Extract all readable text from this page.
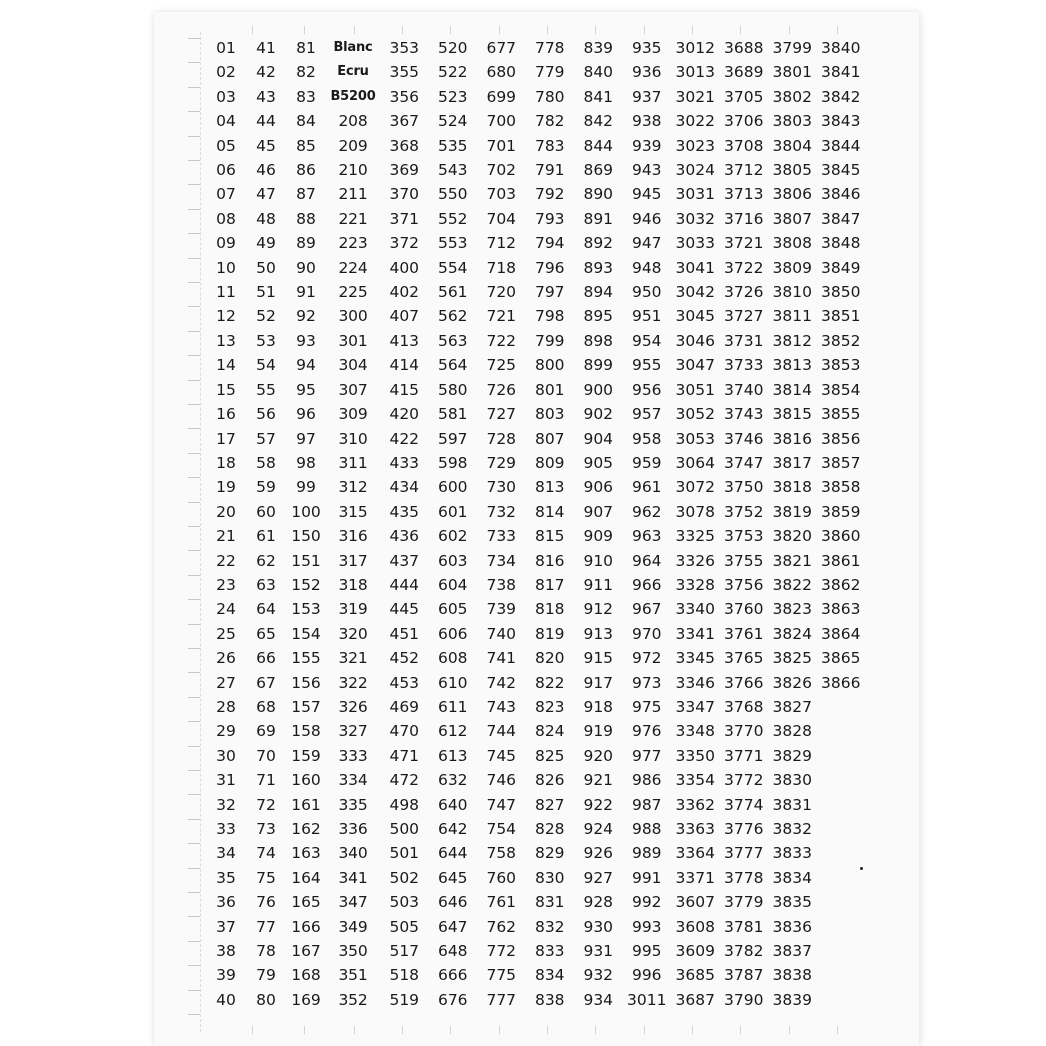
01	41	81	Blanc	353	520	677	778	839	935	3012	3688	3799	3840
02	42	82	Ecru	355	522	680	779	840	936	3013	3689	3801	3841
03	43	83	B5200	356	523	699	780	841	937	3021	3705	3802	3842
04	44	84	208	367	524	700	782	842	938	3022	3706	3803	3843
05	45	85	209	368	535	701	783	844	939	3023	3708	3804	3844
06	46	86	210	369	543	702	791	869	943	3024	3712	3805	3845
07	47	87	211	370	550	703	792	890	945	3031	3713	3806	3846
08	48	88	221	371	552	704	793	891	946	3032	3716	3807	3847
09	49	89	223	372	553	712	794	892	947	3033	3721	3808	3848
10	50	90	224	400	554	718	796	893	948	3041	3722	3809	3849
11	51	91	225	402	561	720	797	894	950	3042	3726	3810	3850
12	52	92	300	407	562	721	798	895	951	3045	3727	3811	3851
13	53	93	301	413	563	722	799	898	954	3046	3731	3812	3852
14	54	94	304	414	564	725	800	899	955	3047	3733	3813	3853
15	55	95	307	415	580	726	801	900	956	3051	3740	3814	3854
16	56	96	309	420	581	727	803	902	957	3052	3743	3815	3855
17	57	97	310	422	597	728	807	904	958	3053	3746	3816	3856
18	58	98	311	433	598	729	809	905	959	3064	3747	3817	3857
19	59	99	312	434	600	730	813	906	961	3072	3750	3818	3858
20	60	100	315	435	601	732	814	907	962	3078	3752	3819	3859
21	61	150	316	436	602	733	815	909	963	3325	3753	3820	3860
22	62	151	317	437	603	734	816	910	964	3326	3755	3821	3861
23	63	152	318	444	604	738	817	911	966	3328	3756	3822	3862
24	64	153	319	445	605	739	818	912	967	3340	3760	3823	3863
25	65	154	320	451	606	740	819	913	970	3341	3761	3824	3864
26	66	155	321	452	608	741	820	915	972	3345	3765	3825	3865
27	67	156	322	453	610	742	822	917	973	3346	3766	3826	3866
28	68	157	326	469	611	743	823	918	975	3347	3768	3827	
29	69	158	327	470	612	744	824	919	976	3348	3770	3828	
30	70	159	333	471	613	745	825	920	977	3350	3771	3829	
31	71	160	334	472	632	746	826	921	986	3354	3772	3830	
32	72	161	335	498	640	747	827	922	987	3362	3774	3831	
33	73	162	336	500	642	754	828	924	988	3363	3776	3832	
34	74	163	340	501	644	758	829	926	989	3364	3777	3833	
35	75	164	341	502	645	760	830	927	991	3371	3778	3834	
36	76	165	347	503	646	761	831	928	992	3607	3779	3835	
37	77	166	349	505	647	762	832	930	993	3608	3781	3836	
38	78	167	350	517	648	772	833	931	995	3609	3782	3837	
39	79	168	351	518	666	775	834	932	996	3685	3787	3838	
40	80	169	352	519	676	777	838	934	3011	3687	3790	3839	
